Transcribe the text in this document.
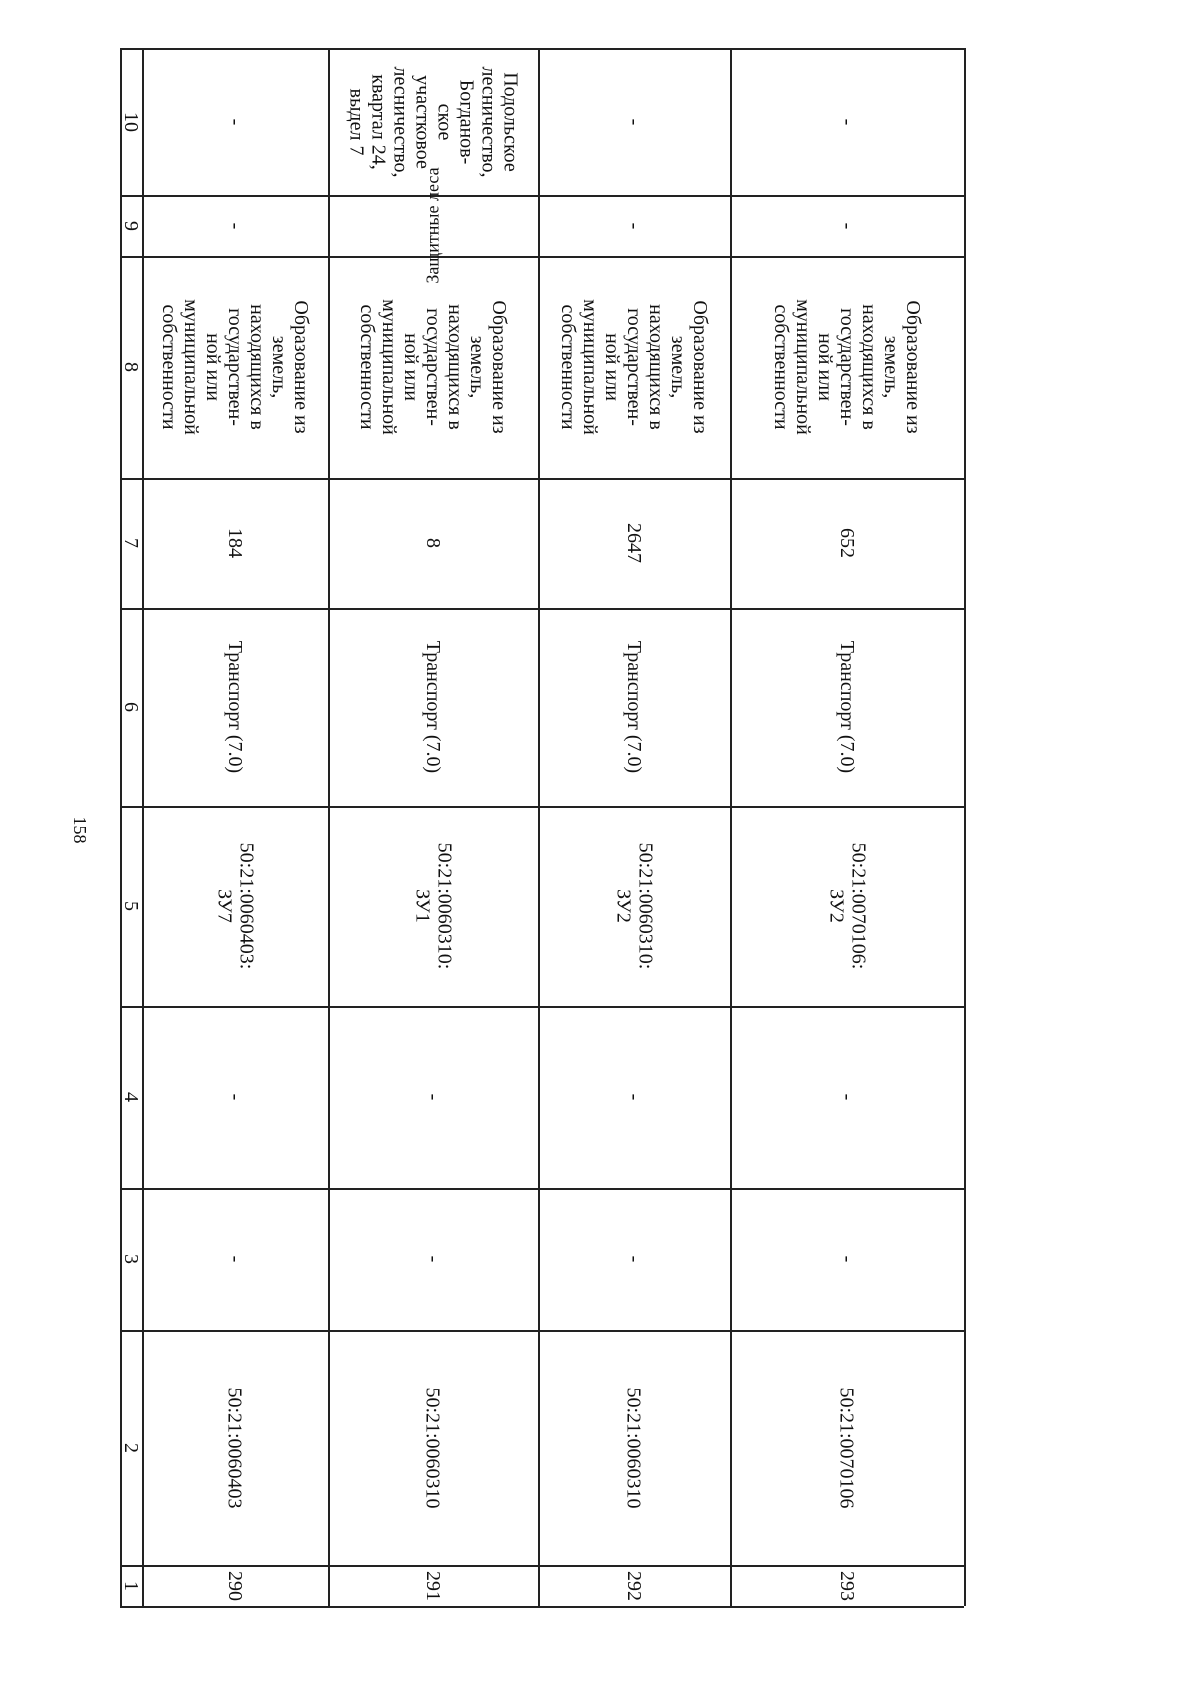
158
1
2
3
4
5
6
7
8
9
10
290
50:21:0060403
-
-
50:21:0060403:
ЗУ7
Транспорт (7.0)
184
Образование из
земель,
находящихся в
государствен-
ной или
муниципальной
собственности
-
-
291
50:21:0060310
-
-
50:21:0060310:
ЗУ1
Транспорт (7.0)
8
Образование из
земель,
находящихся в
государствен-
ной или
муниципальной
собственности
Защитные леса
Подольское
лесничество,
Богданов-
ское
участковое
лесничество,
квартал 24,
выдел 7
292
50:21:0060310
-
-
50:21:0060310:
ЗУ2
Транспорт (7.0)
2647
Образование из
земель,
находящихся в
государствен-
ной или
муниципальной
собственности
-
-
293
50:21:0070106
-
-
50:21:0070106:
ЗУ2
Транспорт (7.0)
652
Образование из
земель,
находящихся в
государствен-
ной или
муниципальной
собственности
-
-
